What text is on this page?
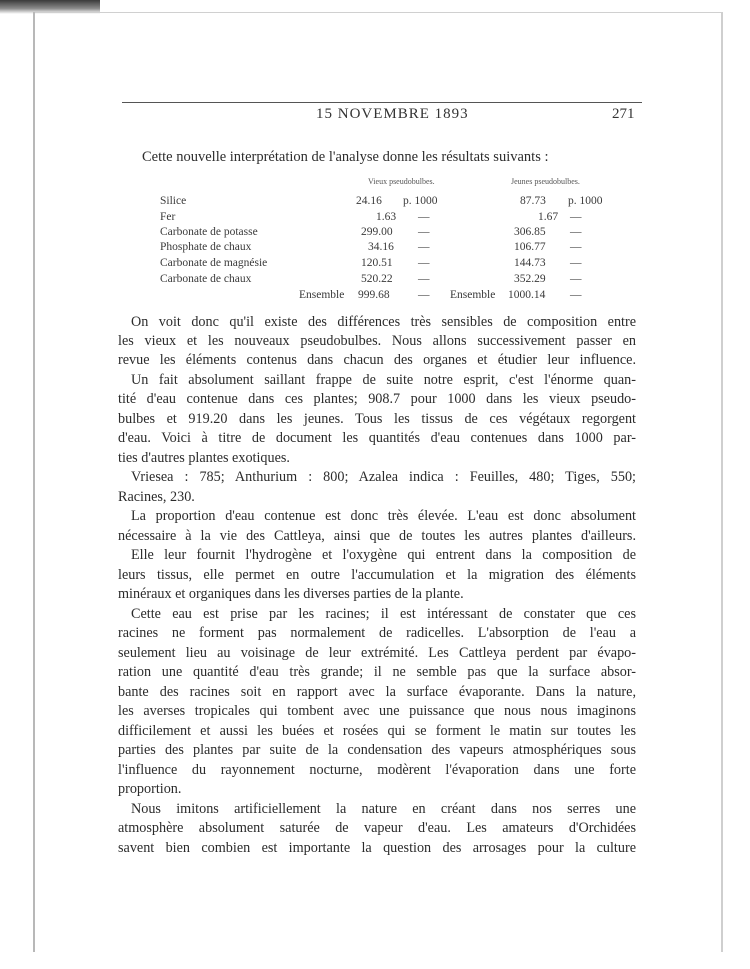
15 NOVEMBRE 1893	271
Cette nouvelle interprétation de l'analyse donne les résultats suivants :
Vieux pseudobulbes.	Jeunes pseudobulbes.
Silice	24.16 p. 1000	87.73 p. 1000
Fer	1.63 —	1.67 —
Carbonate de potasse	299.00 —	306.85 —
Phosphate de chaux	34.16 —	106.77 —
Carbonate de magnésie	120.51 —	144.73 —
Carbonate de chaux	520.22 —	352.29 —
Ensemble 999.68 — Ensemble 1000.14 —
On voit donc qu'il existe des différences très sensibles de composition entre
les vieux et les nouveaux pseudobulbes. Nous allons successivement passer en
revue les éléments contenus dans chacun des organes et étudier leur influence.
Un fait absolument saillant frappe de suite notre esprit, c'est l'énorme quan-
tité d'eau contenue dans ces plantes; 908.7 pour 1000 dans les vieux pseudo-
bulbes et 919.20 dans les jeunes. Tous les tissus de ces végétaux regorgent
d'eau. Voici à titre de document les quantités d'eau contenues dans 1000 par-
ties d'autres plantes exotiques.
Vriesea : 785; Anthurium : 800; Azalea indica : Feuilles, 480; Tiges, 550;
Racines, 230.
La proportion d'eau contenue est donc très élevée. L'eau est donc absolument
nécessaire à la vie des Cattleya, ainsi que de toutes les autres plantes d'ailleurs.
Elle leur fournit l'hydrogène et l'oxygène qui entrent dans la composition de
leurs tissus, elle permet en outre l'accumulation et la migration des éléments
minéraux et organiques dans les diverses parties de la plante.
Cette eau est prise par les racines; il est intéressant de constater que ces
racines ne forment pas normalement de radicelles. L'absorption de l'eau a
seulement lieu au voisinage de leur extrémité. Les Cattleya perdent par évapo-
ration une quantité d'eau très grande; il ne semble pas que la surface absor-
bante des racines soit en rapport avec la surface évaporante. Dans la nature,
les averses tropicales qui tombent avec une puissance que nous nous imaginons
difficilement et aussi les buées et rosées qui se forment le matin sur toutes les
parties des plantes par suite de la condensation des vapeurs atmosphériques sous
l'influence du rayonnement nocturne, modèrent l'évaporation dans une forte
proportion.
Nous imitons artificiellement la nature en créant dans nos serres une
atmosphère absolument saturée de vapeur d'eau. Les amateurs d'Orchidées
savent bien combien est importante la question des arrosages pour la culture
